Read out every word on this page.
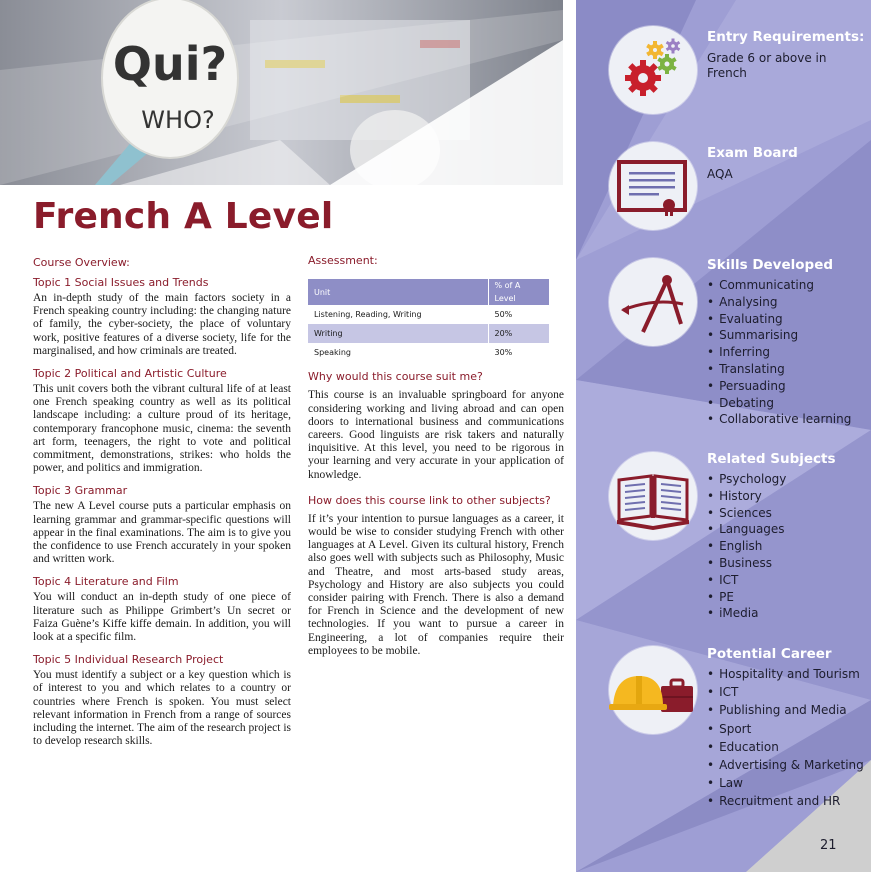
Qui?
WHO?
French A Level
Course Overview:
Topic 1 Social Issues and Trends

An in-depth study of the main factors society in a French speaking country including: the changing nature of family, the cyber-society, the place of voluntary work, positive features of a diverse society, life for the marginalised, and how criminals are treated.

Topic 2 Political and Artistic Culture

This unit covers both the vibrant cultural life of at least one French speaking country as well as its political landscape including: a culture proud of its heritage, contemporary francophone music, cinema: the seventh art form, teenagers, the right to vote and political commitment, demonstrations, strikes: who holds the power, and politics and immigration.

Topic 3 Grammar

The new A Level course puts a particular emphasis on learning grammar and grammar-specific questions will appear in the final examinations. The aim is to give you the confidence to use French accurately in your spoken and written work.

Topic 4 Literature and Film

You will conduct an in-depth study of one piece of literature such as Philippe Grimbert’s Un secret or Faiza Guène’s Kiffe kiffe demain. In addition, you will look at a specific film.

Topic 5 Individual Research Project

You must identify a subject or a key question which is of interest to you and which relates to a country or countries where French is spoken. You must select relevant information in French from a range of sources including the internet. The aim of the research project is to develop research skills.

Assessment:
Unit	% of A Level
Listening, Reading, Writing	50%
Writing	20%
Speaking	30%
Why would this course suit me?

This course is an invaluable springboard for anyone considering working and living abroad and can open doors to international business and communications careers. Good linguists are risk takers and naturally inquisitive. At this level, you need to be rigorous in your learning and very accurate in your application of knowledge.

How does this course link to other subjects?

If it’s your intention to pursue languages as a career, it would be wise to consider studying French with other languages at A Level. Given its cultural history, French also goes well with subjects such as Philosophy, Music and Theatre, and most arts-based study areas, Psychology and History are also subjects you could consider pairing with French. There is also a demand for French in Science and the development of new technologies. If you want to pursue a career in Engineering, a lot of companies require their employees to be mobile.

Entry Requirements:
Grade 6 or above in French
Exam Board
AQA
Skills Developed
• Communicating
• Analysing
• Evaluating
• Summarising
• Inferring
• Translating
• Persuading
• Debating
• Collaborative learning
Related Subjects
• Psychology
• History
• Sciences
• Languages
• English
• Business
• ICT
• PE
• iMedia
Potential Career
• Hospitality and Tourism
• ICT
• Publishing and Media
• Sport
• Education
• Advertising & Marketing
• Law
• Recruitment and HR
21
